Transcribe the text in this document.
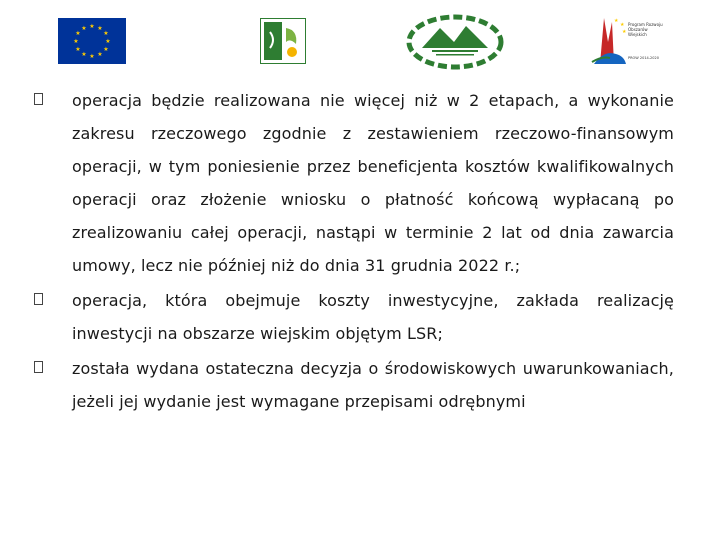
★ ★
★
★
★
★
★
★
★
★
★
★
★
★
★
Program Rozwoju Obszarów Wiejskich
PROW 2014-2020
operacja będzie realizowana nie więcej niż w 2 etapach, a wykonanie zakresu rzeczowego zgodnie z zestawieniem rzeczowo-finansowym operacji, w tym poniesienie przez beneficjenta kosztów kwalifikowalnych operacji oraz złożenie wniosku o płatność końcową wypłacaną po zrealizowaniu całej operacji, nastąpi w terminie 2 lat od dnia zawarcia umowy, lecz nie później niż do dnia 31 grudnia 2022 r.;
operacja, która obejmuje koszty inwestycyjne, zakłada realizację inwestycji na obszarze wiejskim objętym LSR;
została wydana ostateczna decyzja o środowiskowych uwarunkowaniach, jeżeli jej wydanie jest wymagane przepisami odrębnymi
